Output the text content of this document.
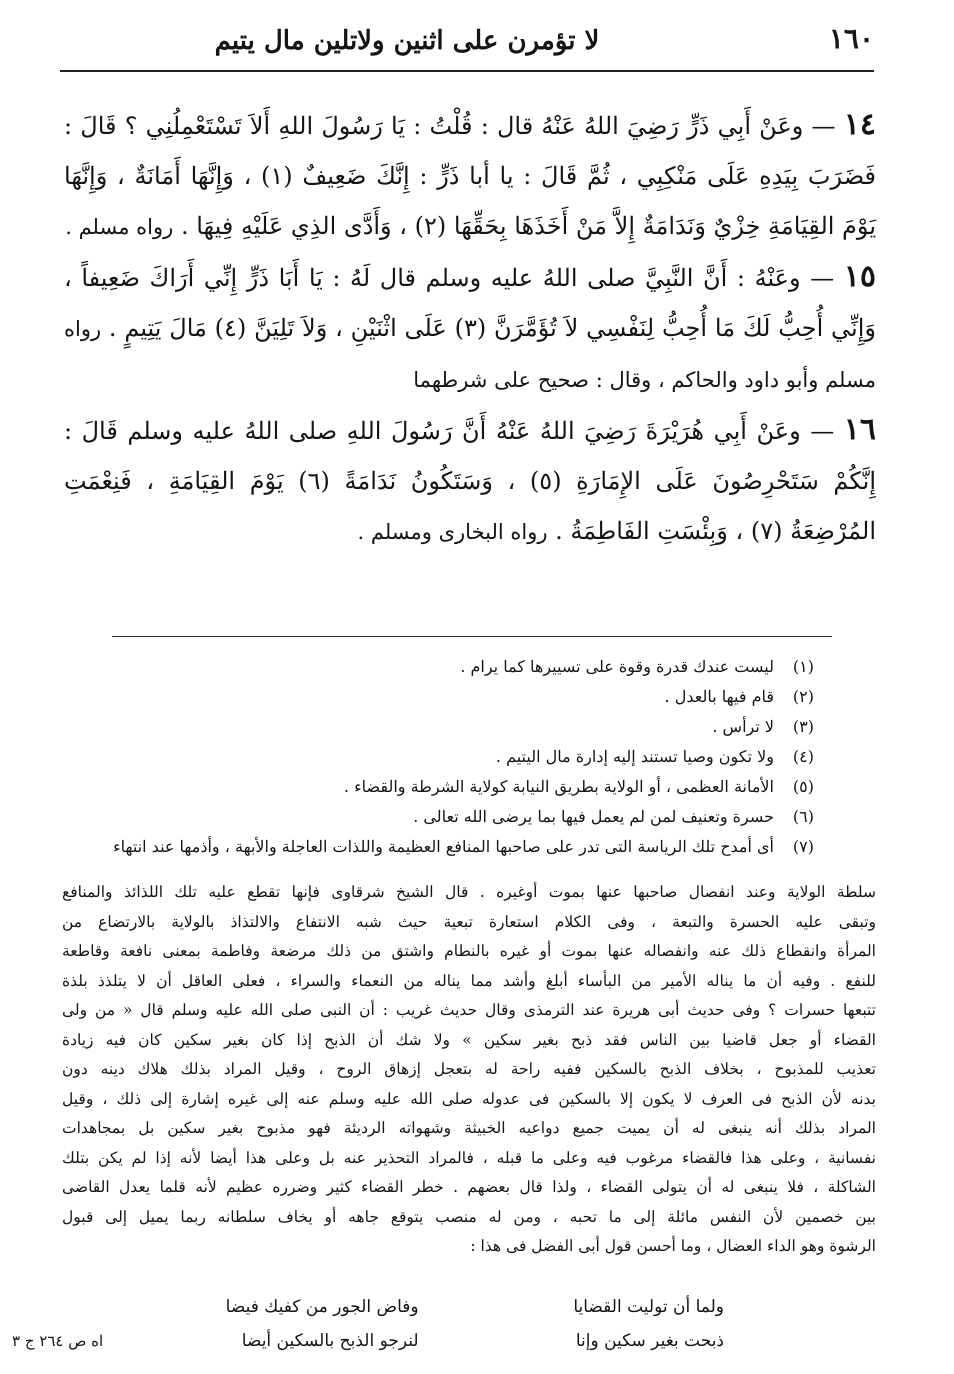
١٦٠
لا تؤمرن على اثنين ولاتلين مال يتيم

١٤ — وعَنْ أَبِي ذَرٍّ رَضِيَ اللهُ عَنْهُ قال : قُلْتُ : يَا رَسُولَ اللهِ أَلاَ تَسْتَعْمِلُنِي ؟ قَالَ : فَضَرَبَ بِيَدِهِ عَلَى مَنْكِبِي ، ثُمَّ قَالَ : يا أبا ذَرٍّ : إِنَّكَ ضَعِيفٌ (١) ، وَإِنَّهَا أَمَانَةٌ ، وَإِنَّهَا يَوْمَ القِيَامَةِ خِزْيٌ وَنَدَامَةٌ إِلاَّ مَنْ أَخَذَهَا بِحَقِّهَا (٢) ، وَأَدَّى الذِي عَلَيْهِ فِيهَا . رواه مسلم .

١٥ — وعَنْهُ : أَنَّ النَّبِيَّ صلى اللهُ عليه وسلم قال لَهُ : يَا أَبَا ذَرٍّ إِنِّي أَرَاكَ ضَعِيفاً ، وَإِنِّي أُحِبُّ لَكَ مَا أُحِبُّ لِنَفْسِي لاَ تُؤَمَّرَنَّ (٣) عَلَى اثْنَيْنِ ، وَلاَ تَلِيَنَّ (٤) مَالَ يَتِيمٍ . رواه مسلم وأبو داود والحاكم ، وقال : صحيح على شرطهما

١٦ — وعَنْ أَبِي هُرَيْرَةَ رَضِيَ اللهُ عَنْهُ أَنَّ رَسُولَ اللهِ صلى اللهُ عليه وسلم قَالَ : إِنَّكُمْ سَتَحْرِصُونَ عَلَى الإِمَارَةِ (٥) ، وَسَتَكُونُ نَدَامَةً (٦) يَوْمَ القِيَامَةِ ، فَنِعْمَتِ المُرْضِعَةُ (٧) ، وَبِئْسَتِ الفَاطِمَةُ . رواه البخارى ومسلم .

(١)ليست عندك قدرة وقوة على تسييرها كما يرام .
(٢)قام فيها بالعدل .
(٣)لا ترأس .
(٤)ولا تكون وصيا تستند إليه إدارة مال اليتيم .
(٥)الأمانة العظمى ، أو الولاية بطريق النيابة كولاية الشرطة والقضاء .
(٦)حسرة وتعنيف لمن لم يعمل فيها بما يرضى الله تعالى .
(٧)أى أمدح تلك الرياسة التى تدر على صاحبها المنافع العظيمة واللذات العاجلة والأبهة ، وأذمها عند انتهاء
سلطة الولاية وعند انفصال صاحبها عنها بموت أوغيره . قال الشيخ شرقاوى فإنها تقطع عليه تلك اللذائذ والمنافع
وتبقى عليه الحسرة والتبعة ، وفى الكلام استعارة تبعية حيث شبه الانتفاع والالتذاذ بالولاية بالارتضاع من
المرأة وانقطاع ذلك عنه وانفصاله عنها بموت أو غيره بالنطام واشتق من ذلك مرضعة وفاطمة بمعنى نافعة وقاطعة
للنفع . وفيه أن ما يناله الأمير من البأساء أبلغ وأشد مما يناله من النعماء والسراء ، فعلى العاقل أن لا يتلذذ بلذة
تتبعها حسرات ؟ وفى حديث أبى هريرة عند الترمذى وقال حديث غريب : أن النبى صلى الله عليه وسلم قال « من ولى
القضاء أو جعل قاضيا بين الناس فقد ذبح بغير سكين » ولا شك أن الذبح إذا كان بغير سكين كان فيه زيادة
تعذيب للمذبوح ، بخلاف الذبح بالسكين ففيه راحة له بتعجل إزهاق الروح ، وقيل المراد بذلك هلاك دينه دون
بدنه لأن الذبح فى العرف لا يكون إلا بالسكين فى عدوله صلى الله عليه وسلم عنه إلى غيره إشارة إلى ذلك ، وقيل
المراد بذلك أنه ينبغى له أن يميت جميع دواعيه الخبيثة وشهواته الرديئة فهو مذبوح بغير سكين بل بمجاهدات
نفسانية ، وعلى هذا فالقضاء مرغوب فيه وعلى ما قبله ، فالمراد التحذير عنه بل وعلى هذا أيضا لأنه إذا لم يكن بتلك
الشاكلة ، فلا ينبغى له أن يتولى القضاء ، ولذا قال بعضهم . خطر القضاء كثير وضرره عظيم لأنه قلما يعدل القاضى
بين خصمين لأن النفس مائلة إلى ما تحبه ، ومن له منصب يتوقع جاهه أو يخاف سلطانه ربما يميل إلى قبول
الرشوة وهو الداء العضال ، وما أحسن قول أبى الفضل فى هذا :
ولما أن توليت القضايا وفاض الجور من كفيك فيضا
ذبحت بغير سكين وإنا لنرجو الذبح بالسكين أيضا اه ص ٢٦٤ ج ٣
